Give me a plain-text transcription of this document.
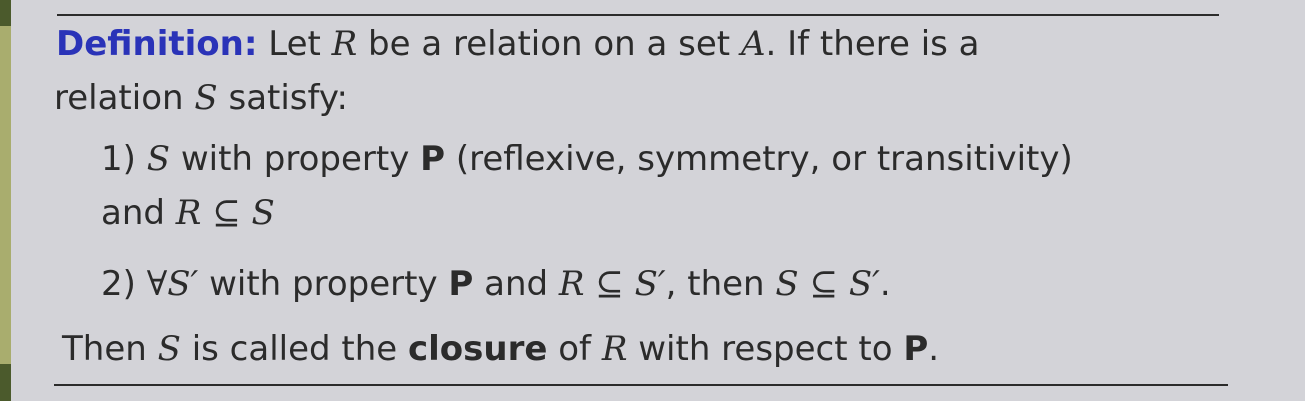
Definition: Let R be a relation on a set A. If there is a
relation S satisfy:
1) S with property P (reflexive, symmetry, or transitivity)
and R ⊆ S
2) ∀S′ with property P and R ⊆ S′, then S ⊆ S′.
Then S is called the closure of R with respect to P.
